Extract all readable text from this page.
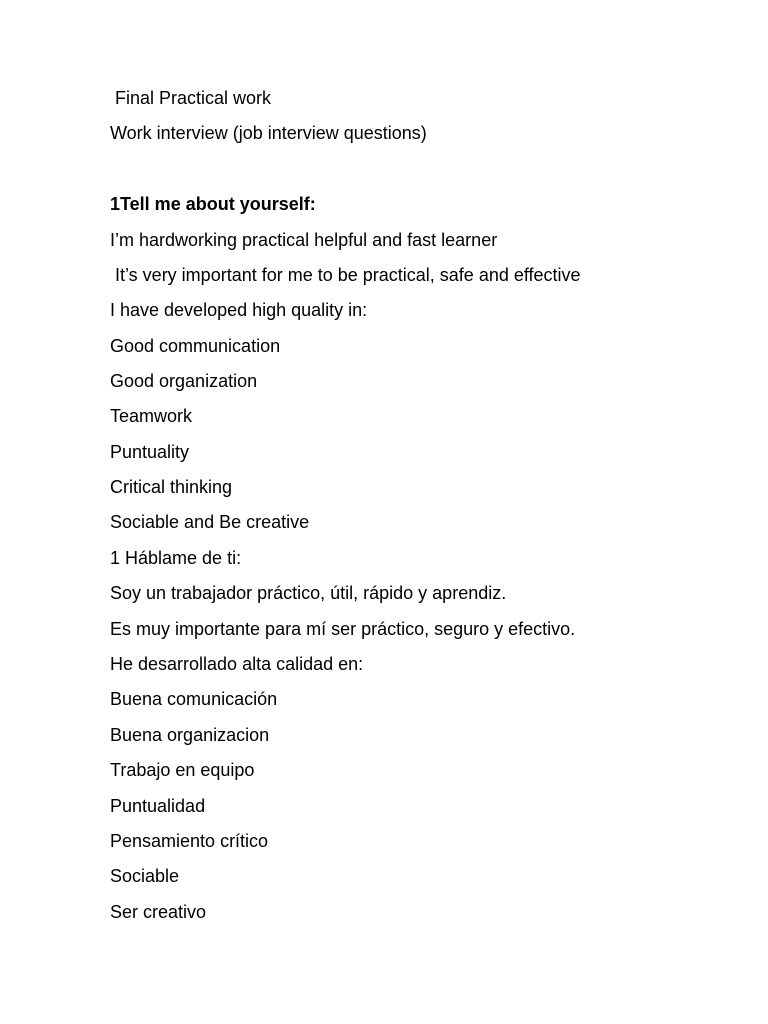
Final Practical work

Work interview (job interview questions)

1Tell me about yourself:

I’m hardworking practical helpful and fast learner

It’s very important for me to be practical, safe and effective

I have developed high quality in:

Good communication

Good organization

Teamwork

Puntuality

Critical thinking

Sociable and Be creative

1 Háblame de ti:

Soy un trabajador práctico, útil, rápido y aprendiz.

Es muy importante para mí ser práctico, seguro y efectivo.

He desarrollado alta calidad en:

Buena comunicación

Buena organizacion

Trabajo en equipo

Puntualidad

Pensamiento crítico

Sociable

Ser creativo
